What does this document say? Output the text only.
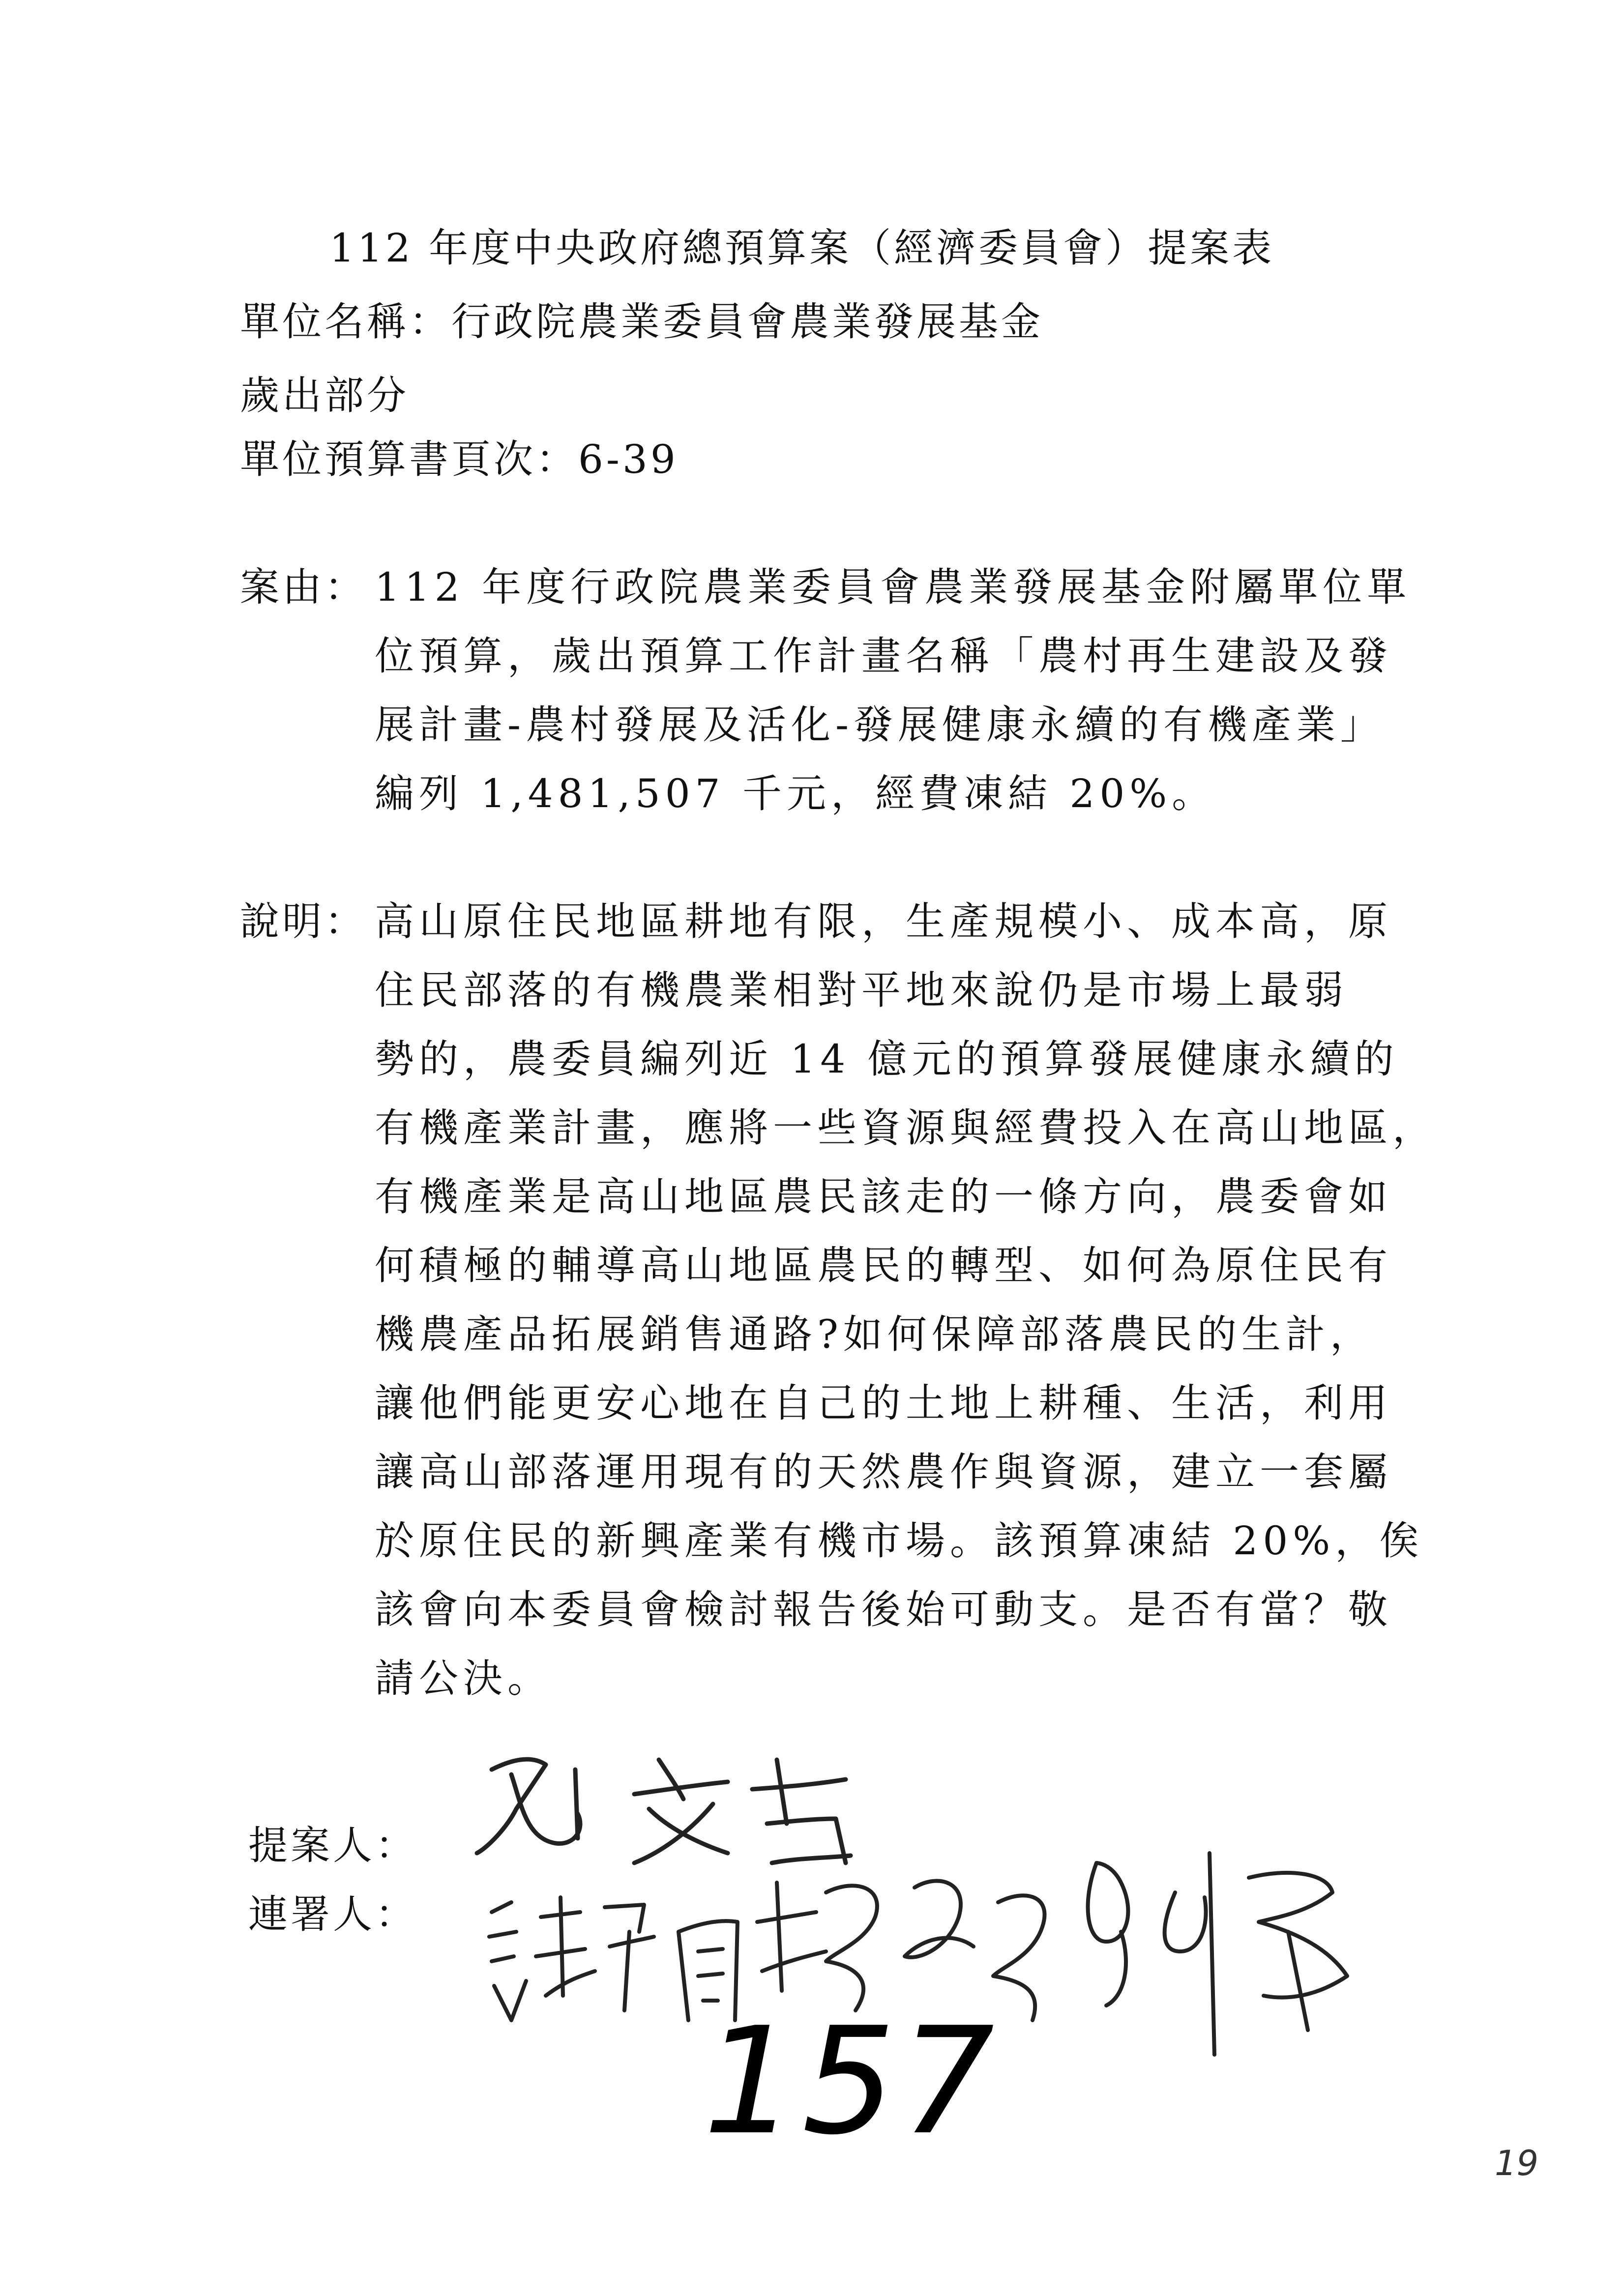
112 年度中央政府總預算案（經濟委員會）提案表
單位名稱：行政院農業委員會農業發展基金
歲出部分
單位預算書頁次：6-39
案由： 112 年度行政院農業委員會農業發展基金附屬單位單
位預算，歲出預算工作計畫名稱「農村再生建設及發
展計畫-農村發展及活化-發展健康永續的有機產業」
編列 1,481,507 千元，經費凍結 20%。
說明： 高山原住民地區耕地有限，生產規模小、成本高，原
住民部落的有機農業相對平地來說仍是市場上最弱
勢的，農委員編列近 14 億元的預算發展健康永續的
有機產業計畫，應將一些資源與經費投入在高山地區，
有機產業是高山地區農民該走的一條方向，農委會如
何積極的輔導高山地區農民的轉型、如何為原住民有
機農產品拓展銷售通路?如何保障部落農民的生計，
讓他們能更安心地在自己的土地上耕種、生活，利用
讓高山部落運用現有的天然農作與資源，建立一套屬
於原住民的新興產業有機市場。該預算凍結 20%，俟
該會向本委員會檢討報告後始可動支。是否有當？敬
請公決。
提案人：
連署人：
157	19
